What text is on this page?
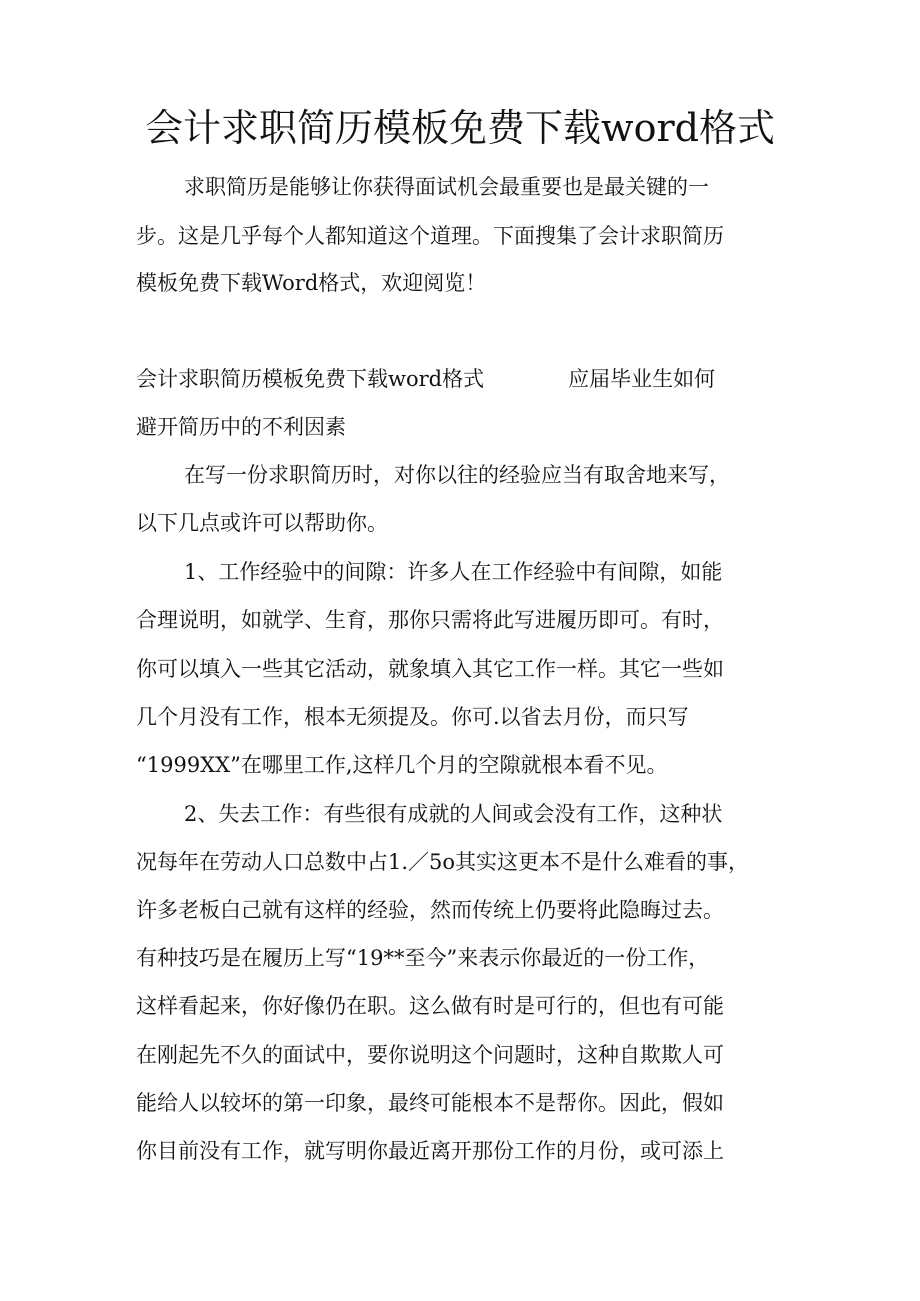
会计求职简历模板免费下载word格式
求职简历是能够让你获得面试机会最重要也是最关键的一
步。这是几乎每个人都知道这个道理。下面搜集了会计求职简历
模板免费下载Word格式，欢迎阅览！
会计求职简历模板免费下载word格式	应届毕业生如何
避开简历中的不利因素
在写一份求职简历时，对你以往的经验应当有取舍地来写，
以下几点或许可以帮助你。
1、工作经验中的间隙：许多人在工作经验中有间隙，如能
合理说明，如就学、生育，那你只需将此写进履历即可。有时，
你可以填入一些其它活动，就象填入其它工作一样。其它一些如
几个月没有工作，根本无须提及。你可.以省去月份，而只写
“1999XX”在哪里工作,这样几个月的空隙就根本看不见。
2、失去工作：有些很有成就的人间或会没有工作，这种状
况每年在劳动人口总数中占1.／5o其实这更本不是什么难看的事，
许多老板白己就有这样的经验，然而传统上仍要将此隐晦过去。
有种技巧是在履历上写“19**至今”来表示你最近的一份工作，
这样看起来，你好像仍在职。这么做有时是可行的，但也有可能
在刚起先不久的面试中，要你说明这个问题时，这种自欺欺人可
能给人以较坏的第一印象，最终可能根本不是帮你。因此，假如
你目前没有工作，就写明你最近离开那份工作的月份，或可添上
